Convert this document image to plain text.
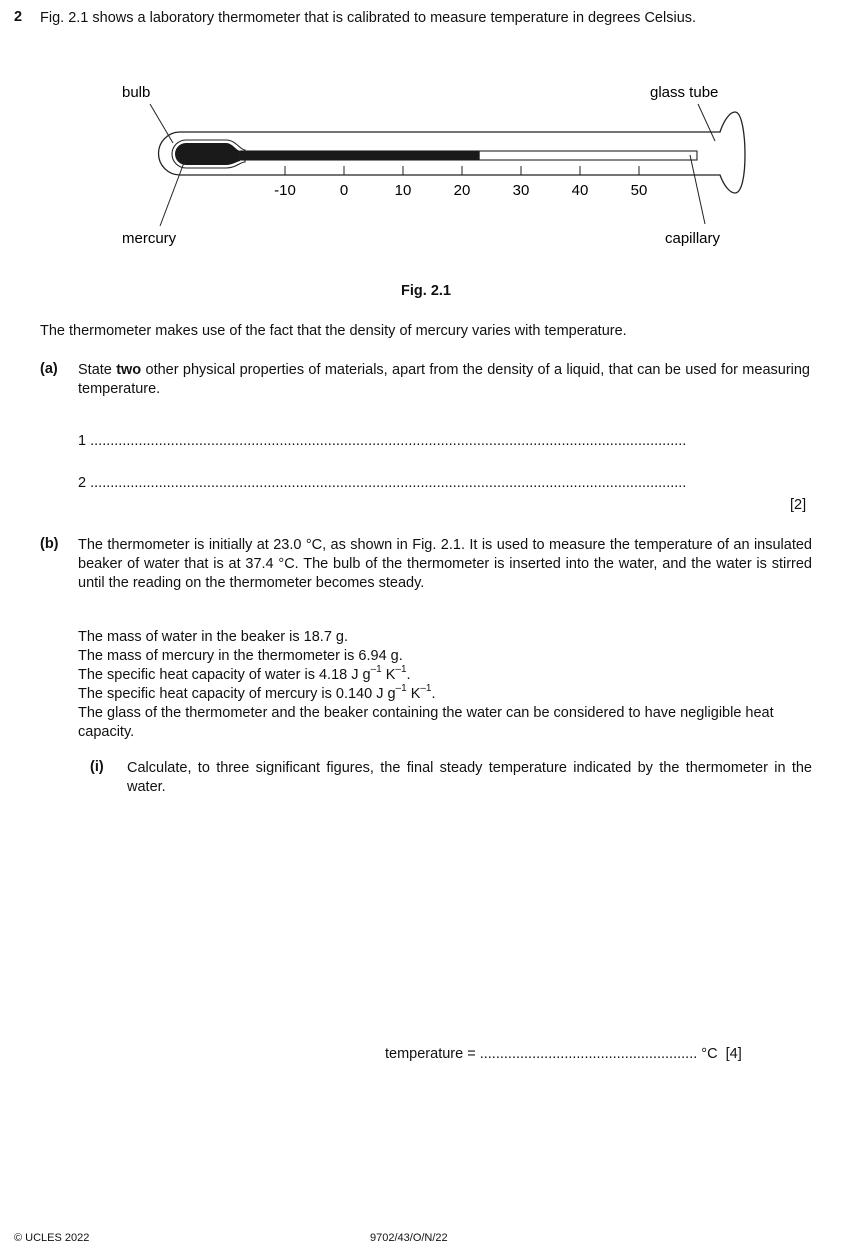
2 Fig. 2.1 shows a laboratory thermometer that is calibrated to measure temperature in degrees Celsius.
-10	0	10	20	30	40	50
bulb	glass tube
mercury	capillary
Fig. 2.1
The thermometer makes use of the fact that the density of mercury varies with temperature.
(a) State two other physical properties of materials, apart from the density of a liquid, that can be used for measuring temperature.
1 ....................................................................................................................................................
2 ....................................................................................................................................................
[2]
(b) The thermometer is initially at 23.0 °C, as shown in Fig. 2.1. It is used to measure the temperature of an insulated beaker of water that is at 37.4 °C. The bulb of the thermometer is inserted into the water, and the water is stirred until the reading on the thermometer becomes steady.
The mass of water in the beaker is 18.7 g.
The mass of mercury in the thermometer is 6.94 g.
The specific heat capacity of water is 4.18 J $g^{-1}$ $K^{-1}$.
The specific heat capacity of mercury is 0.140 J $g^{-1}$ $K^{-1}$.
The glass of the thermometer and the beaker containing the water can be considered to have negligible heat capacity.
(i) Calculate, to three significant figures, the final steady temperature indicated by the thermometer in the water.
temperature = ...................................................... °C [4]
© UCLES 2022	9702/43/O/N/22
